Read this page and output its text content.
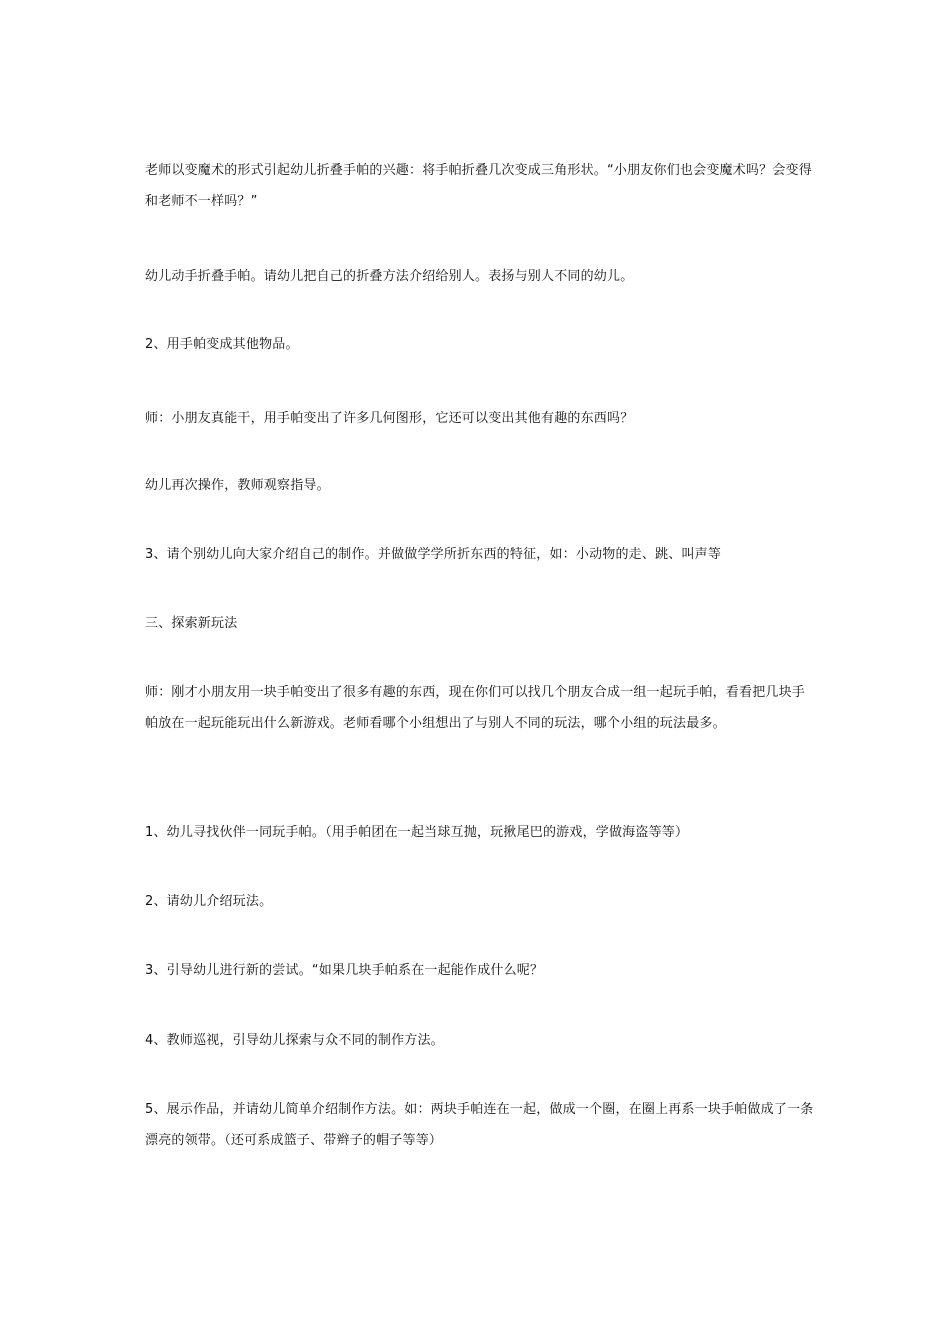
老师以变魔术的形式引起幼儿折叠手帕的兴趣：将手帕折叠几次变成三角形状。“小朋友你们也会变魔术吗？会变得和老师不一样吗？”

幼儿动手折叠手帕。请幼儿把自己的折叠方法介绍给别人。表扬与别人不同的幼儿。

2、用手帕变成其他物品。

师：小朋友真能干，用手帕变出了许多几何图形，它还可以变出其他有趣的东西吗？

幼儿再次操作，教师观察指导。

3、请个别幼儿向大家介绍自己的制作。并做做学学所折东西的特征，如：小动物的走、跳、叫声等

三、探索新玩法

师：刚才小朋友用一块手帕变出了很多有趣的东西，现在你们可以找几个朋友合成一组一起玩手帕，看看把几块手帕放在一起玩能玩出什么新游戏。老师看哪个小组想出了与别人不同的玩法，哪个小组的玩法最多。

1、幼儿寻找伙伴一同玩手帕。（用手帕团在一起当球互抛，玩揪尾巴的游戏，学做海盗等等）

2、请幼儿介绍玩法。

3、引导幼儿进行新的尝试。“如果几块手帕系在一起能作成什么呢？

4、教师巡视，引导幼儿探索与众不同的制作方法。

5、展示作品，并请幼儿简单介绍制作方法。如：两块手帕连在一起，做成一个圈，在圈上再系一块手帕做成了一条漂亮的领带。（还可系成篮子、带辫子的帽子等等）
